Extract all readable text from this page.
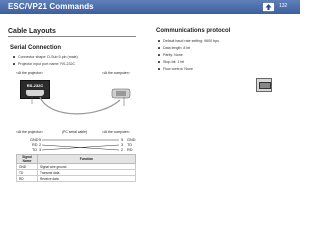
ESC/VP21 Commands	132
Cable Layouts
Serial Connection
Connector shape: D-Sub 9-pin (male)
Projector input port name: RS-232C
<At the projector>	<At the computer>
RS-232C
<At the projector>	(PC serial cable)	<At the computer>
GND 5
RD 2
TD 3
5 GND
3 TD
2 RD
Signal Name	Function
GND	Signal wire ground
TD	Transmit data
RD	Receive data
Communications protocol
Default baud rate setting: 9600 bps
Data length: 8 bit
Parity: None
Stop-bit: 1 bit
Flow control: None
